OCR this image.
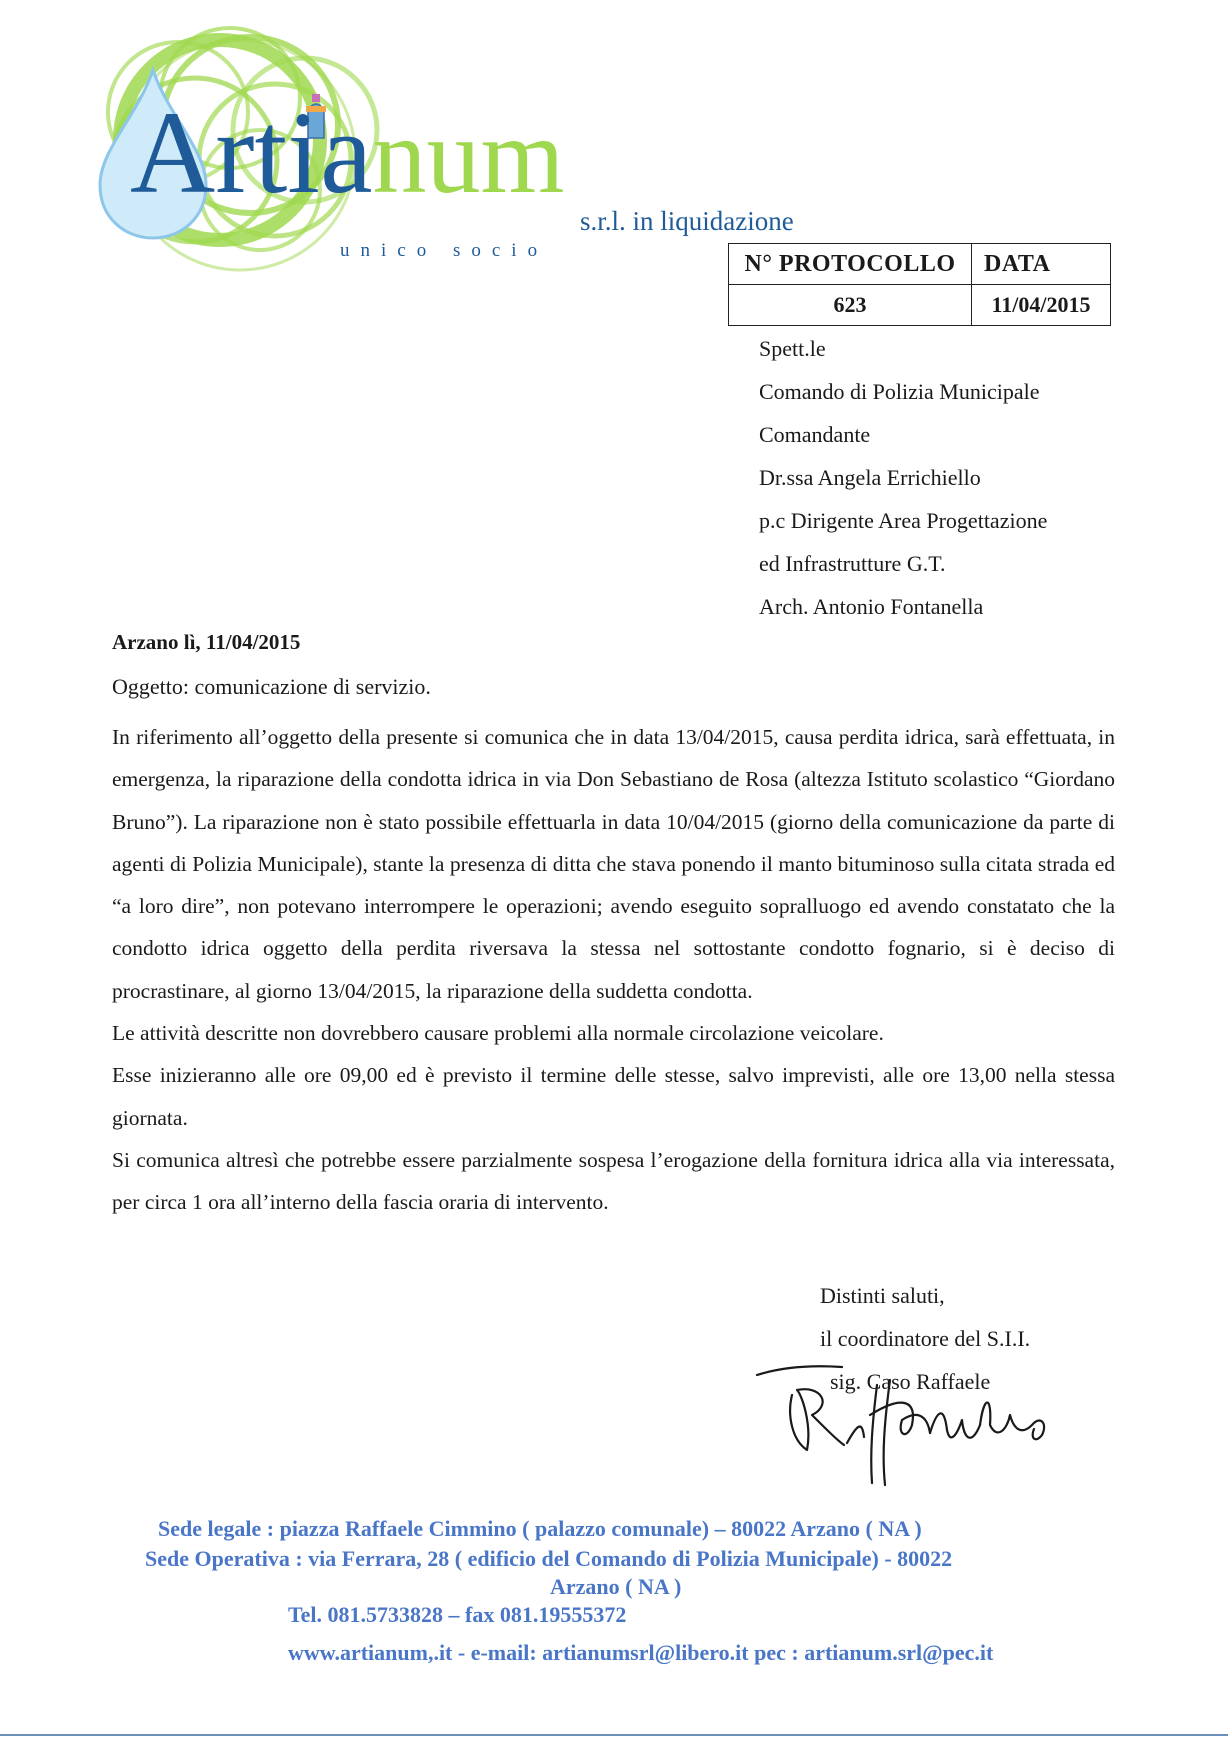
Artianum
s.r.l. in liquidazione
unico socio	N° PROTOCOLLO	DATA
623	11/04/2015
Spett.le
Comando di Polizia Municipale
Comandante
Dr.ssa Angela Errichiello
p.c Dirigente Area Progettazione
ed Infrastrutture G.T.
Arch. Antonio Fontanella
Arzano lì, 11/04/2015
Oggetto: comunicazione di servizio.

In riferimento all’oggetto della presente si comunica che in data 13/04/2015, causa perdita idrica, sarà effettuata, in emergenza, la riparazione della condotta idrica in via Don Sebastiano de Rosa (altezza Istituto scolastico “Giordano Bruno”). La riparazione non è stato possibile effettuarla in data 10/04/2015 (giorno della comunicazione da parte di agenti di Polizia Municipale), stante la presenza di ditta che stava ponendo il manto bituminoso sulla citata strada ed “a loro dire”, non potevano interrompere le operazioni; avendo eseguito sopralluogo ed avendo constatato che la condotto idrica oggetto della perdita riversava la stessa nel sottostante condotto fognario, si è deciso di procrastinare, al giorno 13/04/2015, la riparazione della suddetta condotta.

Le attività descritte non dovrebbero causare problemi alla normale circolazione veicolare.

Esse inizieranno alle ore 09,00 ed è previsto il termine delle stesse, salvo imprevisti, alle ore 13,00 nella stessa giornata.

Si comunica altresì che potrebbe essere parzialmente sospesa l’erogazione della fornitura idrica alla via interessata, per circa 1 ora all’interno della fascia oraria di intervento.

Distinti saluti,
il coordinatore del S.I.I.
sig. Caso Raffaele
Sede legale : piazza Raffaele Cimmino ( palazzo comunale) – 80022 Arzano ( NA )
Sede Operativa : via Ferrara, 28 ( edificio del Comando di Polizia Municipale) - 80022
Arzano ( NA )
Tel. 081.5733828 – fax 081.19555372
www.artianum,.it - e-mail: artianumsrl@libero.it pec : artianum.srl@pec.it
